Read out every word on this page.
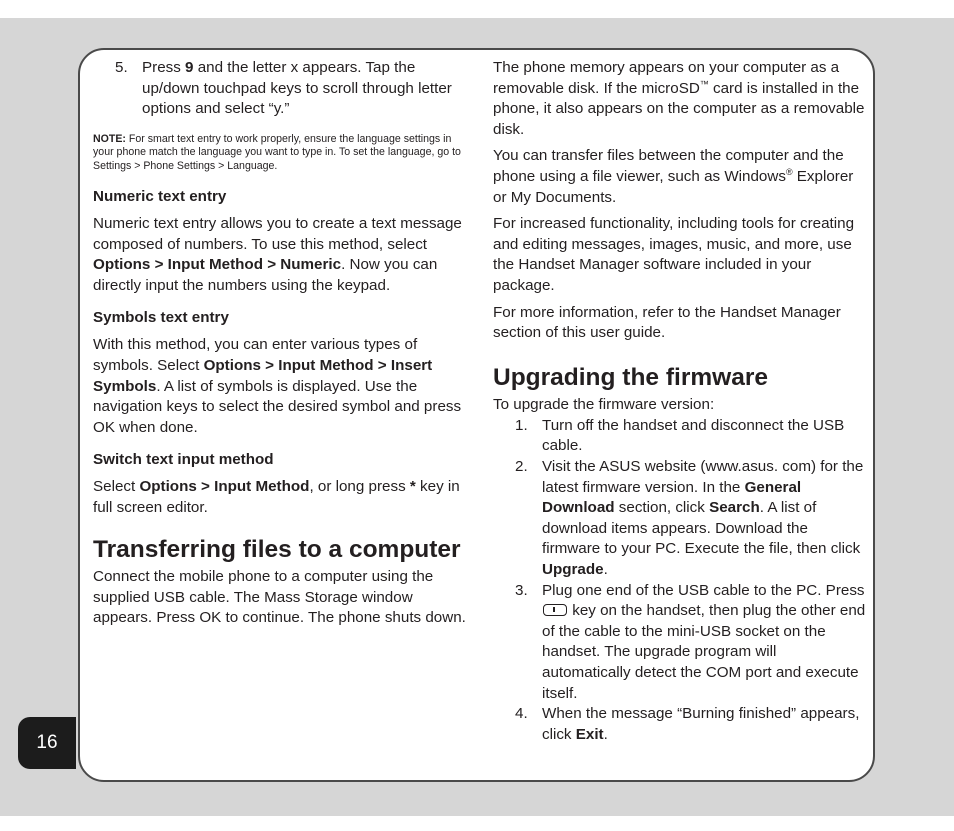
16
5. Press 9 and the letter x appears. Tap the up/down touchpad keys to scroll through letter options and select “y.”

NOTE: For smart text entry to work properly, ensure the language settings in your phone match the language you want to type in. To set the language, go to Settings > Phone Settings > Language.

Numeric text entry

Numeric text entry allows you to create a text message composed of numbers. To use this method, select Options > Input Method > Numeric. Now you can directly input the numbers using the keypad.

Symbols text entry

With this method, you can enter various types of symbols. Select Options > Input Method > Insert Symbols. A list of symbols is displayed. Use the navigation keys to select the desired symbol and press OK when done.

Switch text input method

Select Options > Input Method, or long press * key in full screen editor.

Transferring files to a computer

Connect the mobile phone to a computer using the supplied USB cable. The Mass Storage window appears. Press OK to continue. The phone shuts down.

The phone memory appears on your computer as a removable disk. If the microSD™ card is installed in the phone, it also appears on the computer as a removable disk.

You can transfer files between the computer and the phone using a file viewer, such as Windows® Explorer or My Documents.

For increased functionality, including tools for creating and editing messages, images, music, and more, use the Handset Manager software included in your package.

For more information, refer to the Handset Manager section of this user guide.

Upgrading the firmware

To upgrade the firmware version:

1. Turn off the handset and disconnect the USB cable.
2. Visit the ASUS website (www.asus. com) for the latest firmware version. In the General Download section, click Search. A list of download items appears. Download the firmware to your PC. Execute the file, then click Upgrade.
3. Plug one end of the USB cable to the PC. Press  key on the handset, then plug the other end of the cable to the mini-USB socket on the handset. The upgrade program will automatically detect the COM port and execute itself.
4. When the message “Burning finished” appears, click Exit.
